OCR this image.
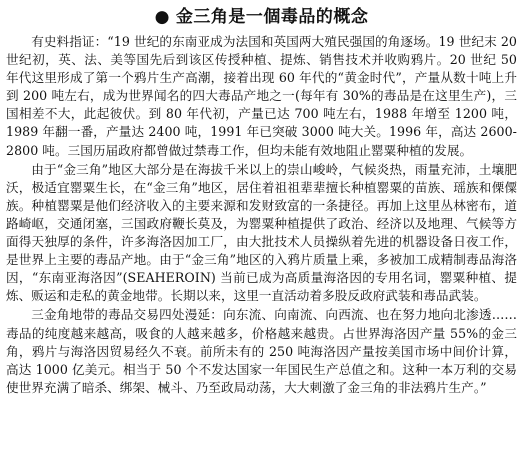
● 金三角是一個毒品的概念

有史料指证：“19 世纪的东南亚成为法国和英国两大殖民强国的角逐场。19 世纪末 20 世纪初，英、法、美等国先后到该区传授种植、提炼、销售技术并收购鸦片。20 世纪 50 年代这里形成了第一个鸦片生产高潮，接着出现 60 年代的“黄金时代”，产量从数十吨上升到 200 吨左右，成为世界闻名的四大毒品产地之一(每年有 30%的毒品是在这里生产)，三国相差不大，此起彼伏。到 80 年代初，产量已达 700 吨左右，1988 年增至 1200 吨，1989 年翻一番，产量达 2400 吨，1991 年已突破 3000 吨大关。1996 年，高达 2600-2800 吨。三国历届政府都曾做过禁毒工作，但均未能有效地阻止罂粟种植的发展。

由于“金三角”地区大部分是在海拔千米以上的崇山峻岭，气候炎热，雨量充沛，土壤肥沃，极适宜罂粟生长，在“金三角”地区，居住着祖祖辈辈擅长种植罂粟的苗族、瑶族和傈僳族。种植罂粟是他们经济收入的主要来源和发财致富的一条捷径。再加上这里丛林密布，道路崎岖，交通闭塞，三国政府鞭长莫及，为罂粟种植提供了政治、经济以及地理、气候等方面得天独厚的条件，许多海洛因加工厂，由大批技术人员操纵着先进的机器设备日夜工作，是世界上主要的毒品产地。由于“金三角”地区的入鸦片质量上乘，多被加工成精制毒品海洛因，“东南亚海洛因”(SEAHEROIN) 当前已成为高质量海洛因的专用名词，罂粟种植、提炼、贩运和走私的黄金地带。长期以来，这里一直活动着多股反政府武装和毒品武装。

三金角地带的毒品交易四处漫延：向东流、向南流、向西流、也在努力地向北渗透……毒品的纯度越来越高，吸食的人越来越多，价格越来越贵。占世界海洛因产量 55%的金三角，鸦片与海洛因贸易经久不衰。前所未有的 250 吨海洛因产量按美国市场中间价计算，高达 1000 亿美元。相当于 50 个不发达国家一年国民生产总值之和。这种一本万利的交易使世界充满了暗杀、绑架、械斗、乃至政局动荡，大大刺激了金三角的非法鸦片生产。”
